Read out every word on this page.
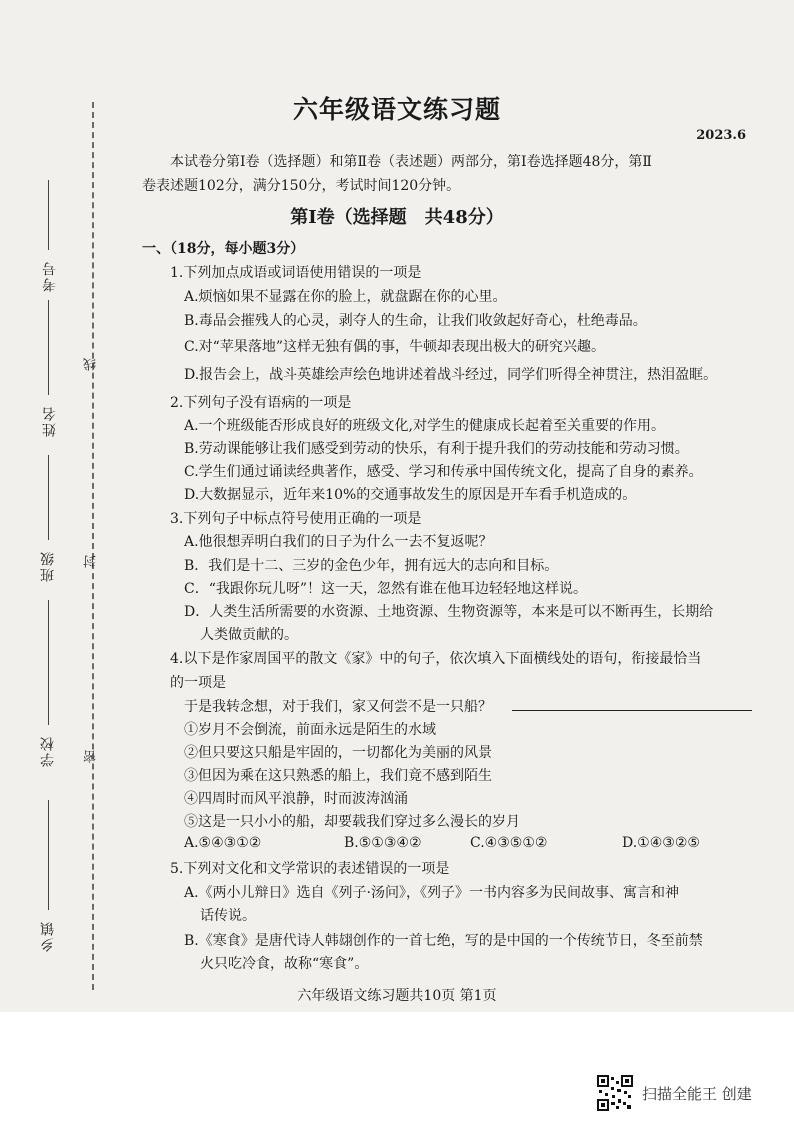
考号
姓名
班级
学校
乡镇
线
封
密
六年级语文练习题
2023.6
本试卷分第Ⅰ卷（选择题）和第Ⅱ卷（表述题）两部分，第Ⅰ卷选择题48分，第Ⅱ
卷表述题102分，满分150分，考试时间120分钟。
第Ⅰ卷（选择题　共48分）
一、（18分，每小题3分）
1.下列加点成语或词语使用错误的一项是
A.烦恼如果不显露在你的脸上，就盘踞在你的心里。
B.毒品会摧残人的心灵，剥夺人的生命，让我们收敛起好奇心，杜绝毒品。
C.对“苹果落地”这样无独有偶的事，牛顿却表现出极大的研究兴趣。
D.报告会上，战斗英雄绘声绘色地讲述着战斗经过，同学们听得全神贯注，热泪盈眶。
2.下列句子没有语病的一项是
A.一个班级能否形成良好的班级文化,对学生的健康成长起着至关重要的作用。
B.劳动课能够让我们感受到劳动的快乐，有利于提升我们的劳动技能和劳动习惯。
C.学生们通过诵读经典著作，感受、学习和传承中国传统文化，提高了自身的素养。
D.大数据显示，近年来10%的交通事故发生的原因是开车看手机造成的。
3.下列句子中标点符号使用正确的一项是
A.他很想弄明白我们的日子为什么一去不复返呢？
B．我们是十二、三岁的金色少年，拥有远大的志向和目标。
C．“我跟你玩儿呀”！这一天，忽然有谁在他耳边轻轻地这样说。
D．人类生活所需要的水资源、土地资源、生物资源等，本来是可以不断再生，长期给
人类做贡献的。
4.以下是作家周国平的散文《家》中的句子，依次填入下面横线处的语句，衔接最恰当
的一项是
于是我转念想，对于我们，家又何尝不是一只船？
①岁月不会倒流，前面永远是陌生的水域
②但只要这只船是牢固的，一切都化为美丽的风景
③但因为乘在这只熟悉的船上，我们竟不感到陌生
④四周时而风平浪静，时而波涛汹涌
⑤这是一只小小的船，却要载我们穿过多么漫长的岁月
A.⑤④③①②	B.⑤①③④②	C.④③⑤①②	D.①④③②⑤
5.下列对文化和文学常识的表述错误的一项是
A.《两小儿辩日》选自《列子·汤问》，《列子》一书内容多为民间故事、寓言和神
话传说。
B.《寒食》是唐代诗人韩翃创作的一首七绝，写的是中国的一个传统节日，冬至前禁
火只吃冷食，故称“寒食”。
六年级语文练习题共10页 第1页
扫描全能王 创建
